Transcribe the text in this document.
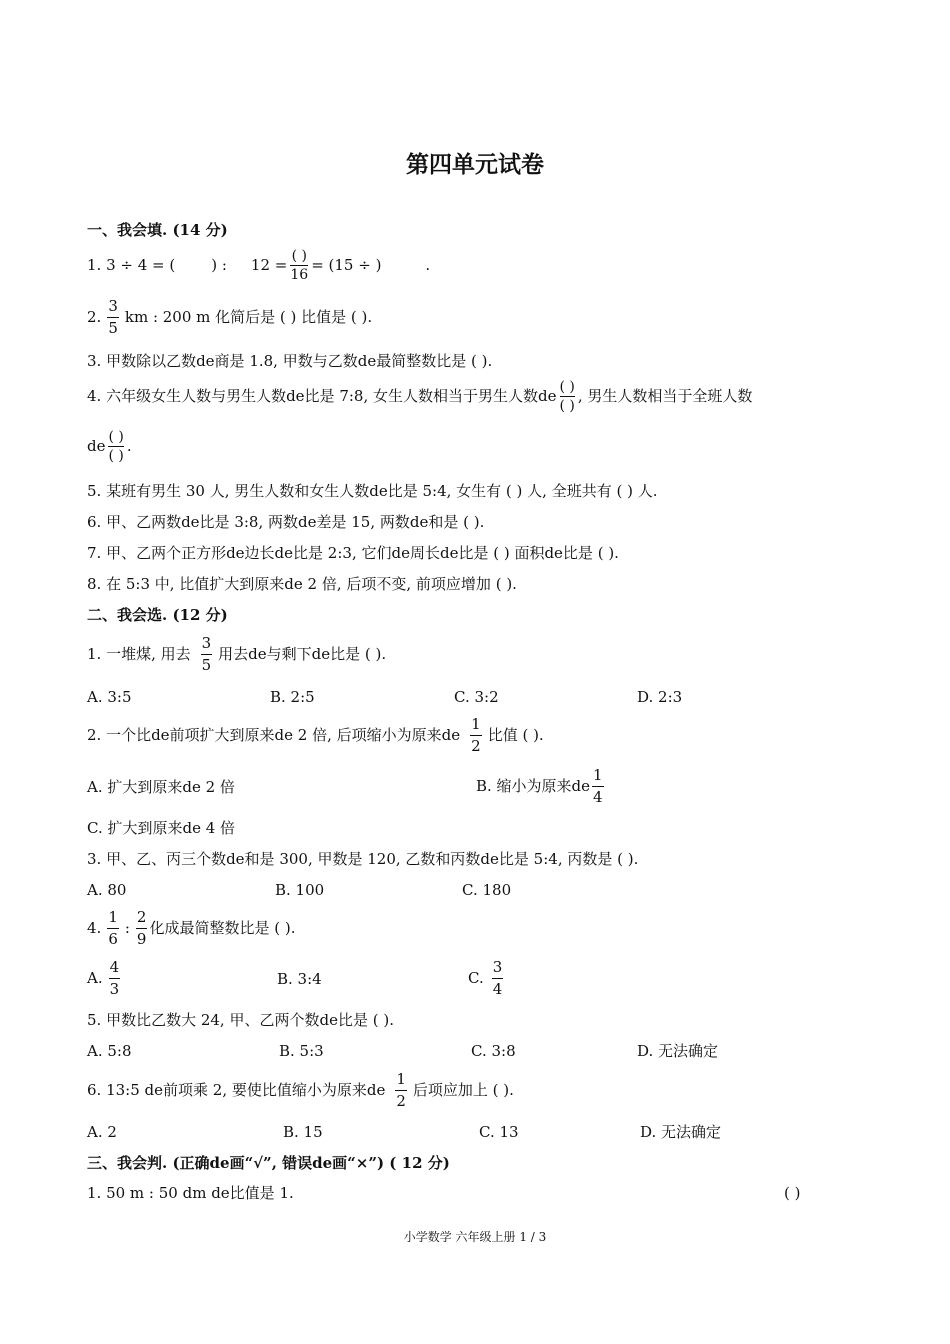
第四单元试卷
一、我会填. (14 分)
1. 3 ÷ 4 = ( ) : $12 = \frac{( )}{16} = (15$ ÷ )	.
2. $\frac{3}{5}$ km : 200 m 化简后是 ( ) 比值是 ( ).
3. 甲数除以乙数de商是 1.8, 甲数与乙数de最简整数比是 ( ).
4. 六年级女生人数与男生人数de比是 7:8, 女生人数相当于男生人数de $\frac{( )}{( )}$ , 男生人数相当于全班人数
de $\frac{( )}{( )}$ .
5. 某班有男生 30 人, 男生人数和女生人数de比是 5:4, 女生有 ( ) 人, 全班共有 ( ) 人.
6. 甲、乙两数de比是 3:8, 两数de差是 15, 两数de和是 ( ).
7. 甲、乙两个正方形de边长de比是 2:3, 它们de周长de比是 ( ) 面积de比是 ( ).
8. 在 5:3 中, 比值扩大到原来de 2 倍, 后项不变, 前项应增加 ( ).
二、我会选. (12 分)
1. 一堆煤, 用去 $\frac{3}{5}$ 用去de与剩下de比是 ( ).
A. 3:5	B. 2:5	C. 3:2	D. 2:3
2. 一个比de前项扩大到原来de 2 倍, 后项缩小为原来de $\frac{1}{2}$ 比值 ( ).
A. 扩大到原来de 2 倍	B. 缩小为原来de $\frac{1}{4}$
C. 扩大到原来de 4 倍
3. 甲、乙、丙三个数de和是 300, 甲数是 120, 乙数和丙数de比是 5:4, 丙数是 ( ).
A. 80	B. 100	C. 180
4. $\frac{1}{6}$ : $\frac{2}{9}$ 化成最简整数比是 ( ).
A. $\frac{4}{3}$	B. 3:4	C. $\frac{3}{4}$
5. 甲数比乙数大 24, 甲、乙两个数de比是 ( ).
A. 5:8	B. 5:3	C. 3:8	D. 无法确定
6. 13:5 de前项乘 2, 要使比值缩小为原来de $\frac{1}{2}$ 后项应加上 ( ).
A. 2	B. 15	C. 13	D. 无法确定
三、我会判. (正确de画“√”, 错误de画“×”) ( 12 分)
1. 50 m : 50 dm de比值是 1.	( )
小学数学 六年级上册 1 / 3
